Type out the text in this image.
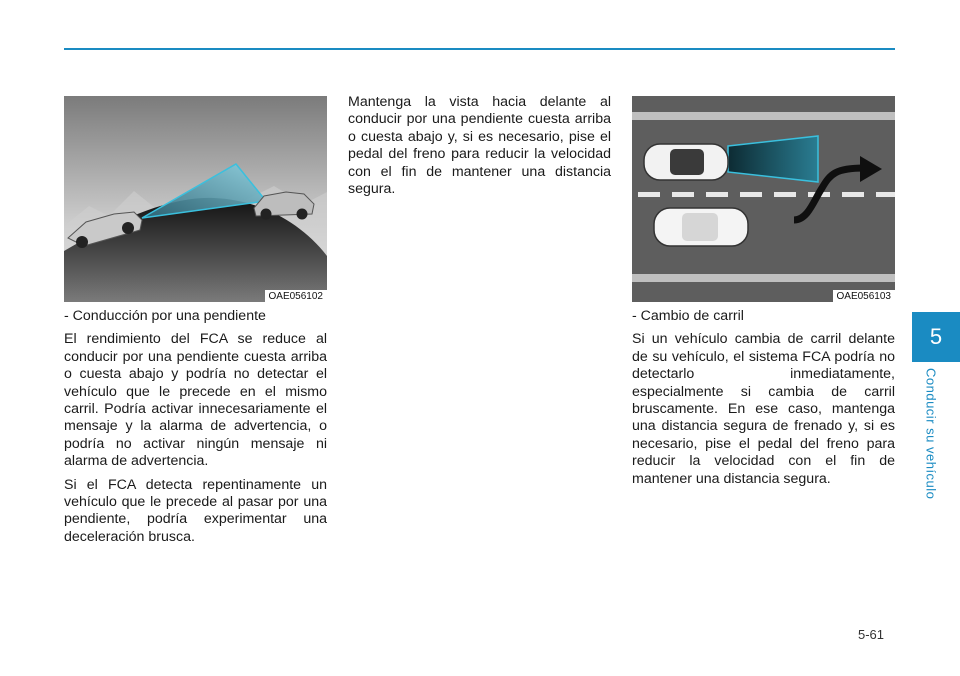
5
Conducir su vehículo
OAE056102	OAE056103

- Conducción por una pendiente

El rendimiento del FCA se reduce al conducir por una pendiente cuesta arriba o cuesta abajo y podría no detectar el vehículo que le precede en el mismo carril. Podría activar innecesariamente el mensaje y la alarma de advertencia, o podría no activar ningún mensaje ni alarma de advertencia.

Si el FCA detecta repentinamente un vehículo que le precede al pasar por una pendiente, podría experimentar una deceleración brusca.

Mantenga la vista hacia delante al conducir por una pendiente cuesta arriba o cuesta abajo y, si es necesario, pise el pedal del freno para reducir la velocidad con el fin de mantener una distancia segura.

- Cambio de carril

Si un vehículo cambia de carril delante de su vehículo, el sistema FCA podría no detectarlo inmediatamente, especialmente si cambia de carril bruscamente. En ese caso, mantenga una distancia segura de frenado y, si es necesario, pise el pedal del freno para reducir la velocidad con el fin de mantener una distancia segura.

5-61
